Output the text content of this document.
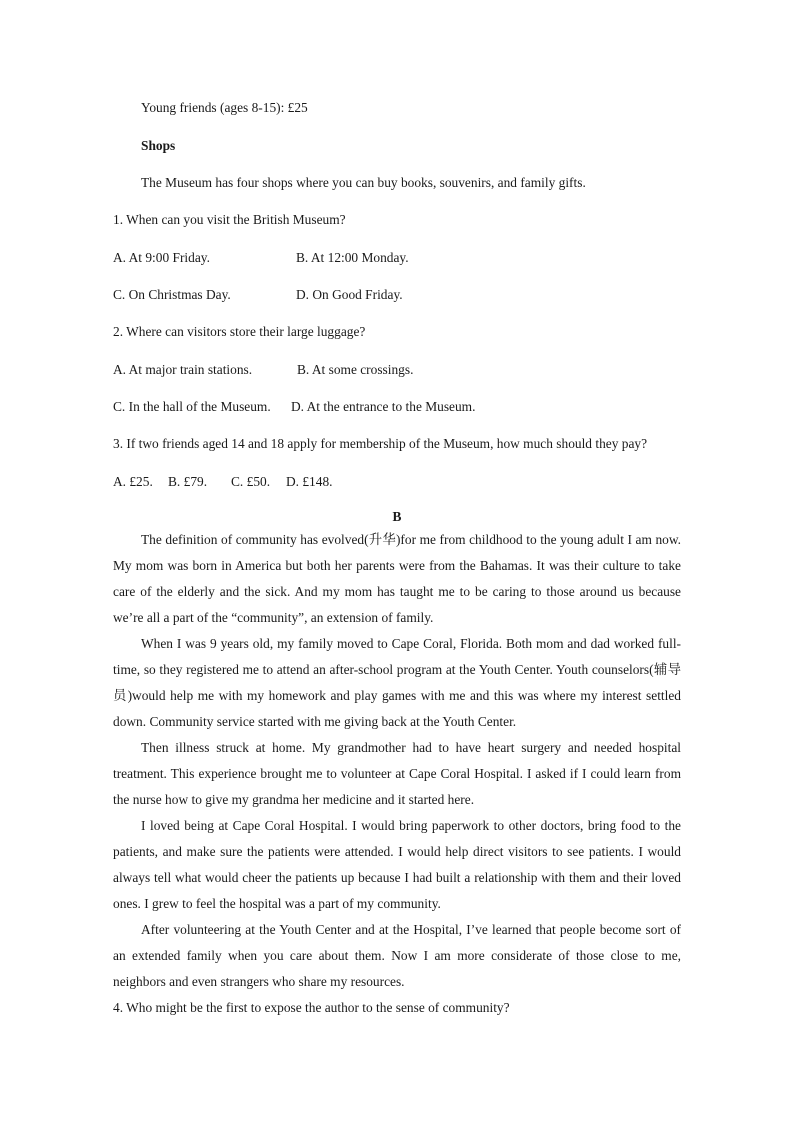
Young friends (ages 8-15): £25
Shops
The Museum has four shops where you can buy books, souvenirs, and family gifts.
1. When can you visit the British Museum?
A. At 9:00 Friday.	B. At 12:00 Monday.
C. On Christmas Day.	D. On Good Friday.
2. Where can visitors store their large luggage?
A. At major train stations.	B. At some crossings.
C. In the hall of the Museum. D. At the entrance to the Museum.
3. If two friends aged 14 and 18 apply for membership of the Museum, how much should they pay?
A. £25. B. £79. C. £50. D. £148.
B

The definition of community has evolved(升华)for me from childhood to the young adult I am now. My mom was born in America but both her parents were from the Bahamas. It was their culture to take care of the elderly and the sick. And my mom has taught me to be caring to those around us because we’re all a part of the “community”, an extension of family.

When I was 9 years old, my family moved to Cape Coral, Florida. Both mom and dad worked full-time, so they registered me to attend an after-school program at the Youth Center. Youth counselors(辅导员)would help me with my homework and play games with me and this was where my interest settled down. Community service started with me giving back at the Youth Center.

Then illness struck at home. My grandmother had to have heart surgery and needed hospital treatment. This experience brought me to volunteer at Cape Coral Hospital. I asked if I could learn from the nurse how to give my grandma her medicine and it started here.

I loved being at Cape Coral Hospital. I would bring paperwork to other doctors, bring food to the patients, and make sure the patients were attended. I would help direct visitors to see patients. I would always tell what would cheer the patients up because I had built a relationship with them and their loved ones. I grew to feel the hospital was a part of my community.

After volunteering at the Youth Center and at the Hospital, I’ve learned that people become sort of an extended family when you care about them. Now I am more considerate of those close to me, neighbors and even strangers who share my resources.

4. Who might be the first to expose the author to the sense of community?
